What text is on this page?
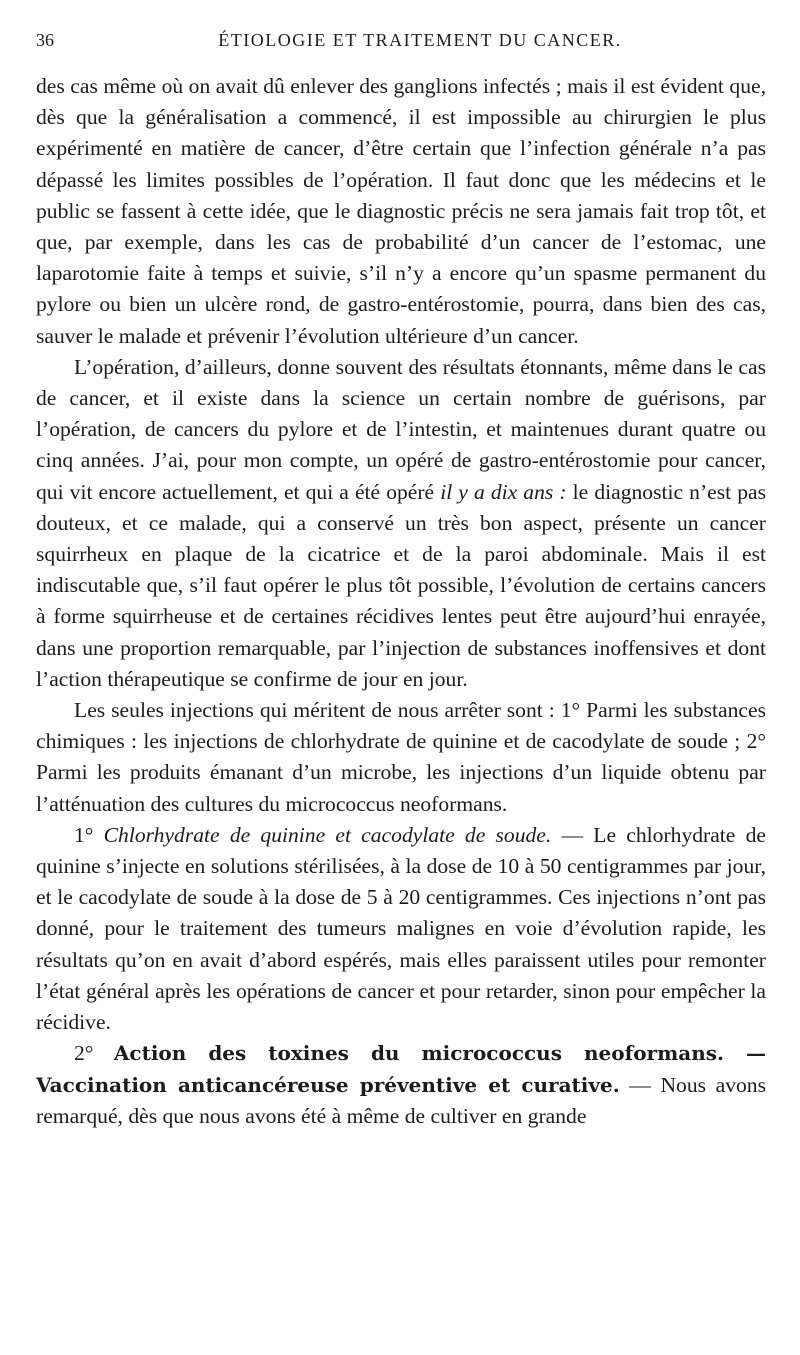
36	ÉTIOLOGIE ET TRAITEMENT DU CANCER.

des cas même où on avait dû enlever des ganglions infectés ; mais il est évident que, dès que la généralisation a commencé, il est impossible au chirurgien le plus expérimenté en matière de cancer, d’être certain que l’infection générale n’a pas dépassé les limites possibles de l’opération. Il faut donc que les médecins et le public se fassent à cette idée, que le diagnostic précis ne sera jamais fait trop tôt, et que, par exemple, dans les cas de probabilité d’un cancer de l’estomac, une laparotomie faite à temps et suivie, s’il n’y a encore qu’un spasme permanent du pylore ou bien un ulcère rond, de gastro-entérostomie, pourra, dans bien des cas, sauver le malade et prévenir l’évolution ultérieure d’un cancer.

L’opération, d’ailleurs, donne souvent des résultats étonnants, même dans le cas de cancer, et il existe dans la science un certain nombre de guérisons, par l’opération, de cancers du pylore et de l’intestin, et maintenues durant quatre ou cinq années. J’ai, pour mon compte, un opéré de gastro-entérostomie pour cancer, qui vit encore actuellement, et qui a été opéré il y a dix ans : le diagnostic n’est pas douteux, et ce malade, qui a conservé un très bon aspect, présente un cancer squirrheux en plaque de la cicatrice et de la paroi abdominale. Mais il est indiscutable que, s’il faut opérer le plus tôt possible, l’évolution de certains cancers à forme squirrheuse et de certaines récidives lentes peut être aujourd’hui enrayée, dans une proportion remarquable, par l’injection de substances inoffensives et dont l’action thérapeutique se confirme de jour en jour.

Les seules injections qui méritent de nous arrêter sont : 1° Parmi les substances chimiques : les injections de chlorhydrate de quinine et de cacodylate de soude ; 2° Parmi les produits émanant d’un microbe, les injections d’un liquide obtenu par l’atténuation des cultures du micrococcus neoformans.

1° Chlorhydrate de quinine et cacodylate de soude. — Le chlorhydrate de quinine s’injecte en solutions stérilisées, à la dose de 10 à 50 centigrammes par jour, et le cacodylate de soude à la dose de 5 à 20 centigrammes. Ces injections n’ont pas donné, pour le traitement des tumeurs malignes en voie d’évolution rapide, les résultats qu’on en avait d’abord espérés, mais elles paraissent utiles pour remonter l’état général après les opérations de cancer et pour retarder, sinon pour empêcher la récidive.

2° Action des toxines du micrococcus neoformans. — Vaccination anticancéreuse préventive et curative. — Nous avons remarqué, dès que nous avons été à même de cultiver en grande
